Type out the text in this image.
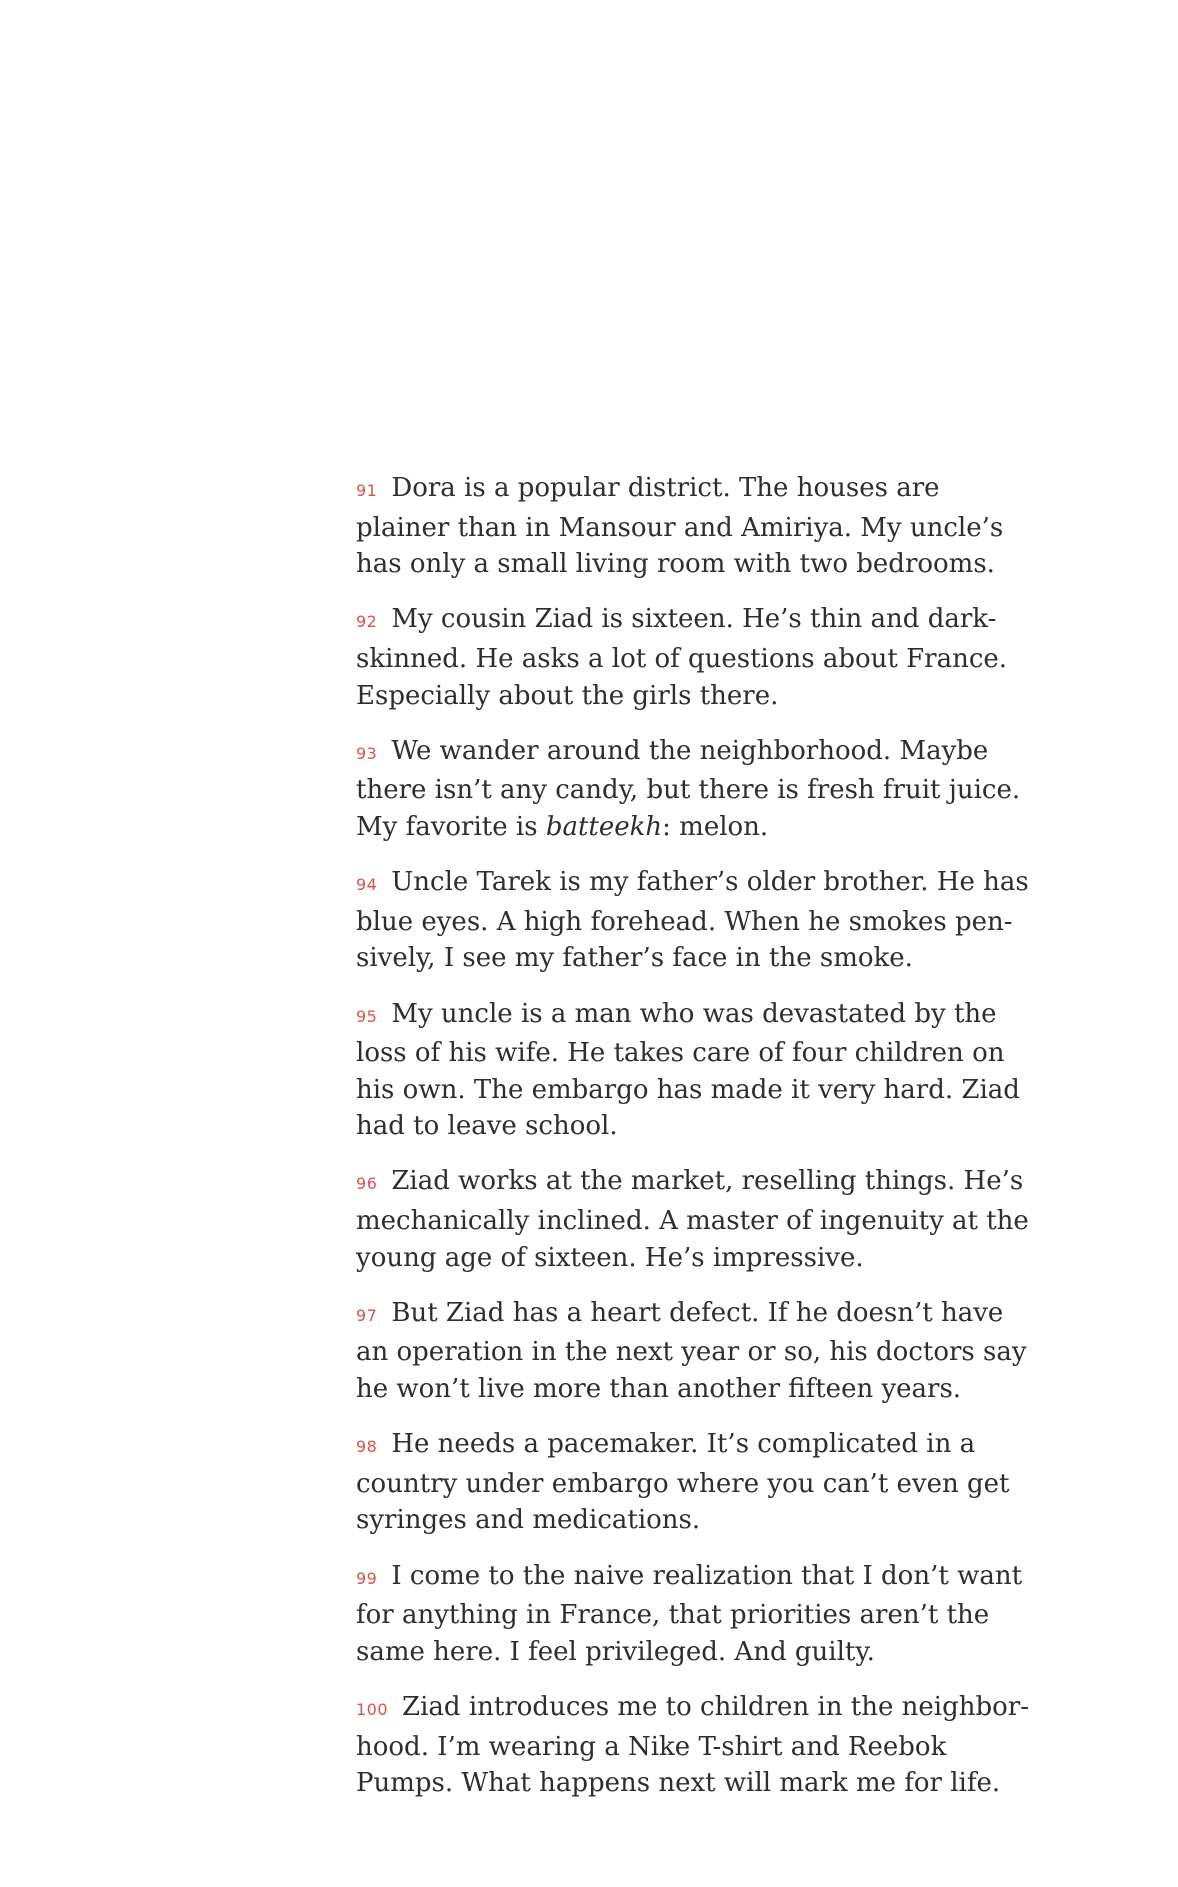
91 Dora is a popular district. The houses are plainer than in Mansour and Amiriya. My uncle’s has only a small living room with two bedrooms.

92 My cousin Ziad is sixteen. He’s thin and dark-skinned. He asks a lot of questions about France. Especially about the girls there.

93 We wander around the neighborhood. Maybe there isn’t any candy, but there is fresh fruit juice. My favorite is batteekh: melon.

94 Uncle Tarek is my father’s older brother. He has blue eyes. A high forehead. When he smokes pensively, I see my father’s face in the smoke.

95 My uncle is a man who was devastated by the loss of his wife. He takes care of four children on his own. The embargo has made it very hard. Ziad had to leave school.

96 Ziad works at the market, reselling things. He’s mechanically inclined. A master of ingenuity at the young age of sixteen. He’s impressive.

97 But Ziad has a heart defect. If he doesn’t have an operation in the next year or so, his doctors say he won’t live more than another fifteen years.

98 He needs a pacemaker. It’s complicated in a country under embargo where you can’t even get syringes and medications.

99 I come to the naive realization that I don’t want for anything in France, that priorities aren’t the same here. I feel privileged. And guilty.

100 Ziad introduces me to children in the neighborhood. I’m wearing a Nike T-shirt and Reebok Pumps. What happens next will mark me for life.
